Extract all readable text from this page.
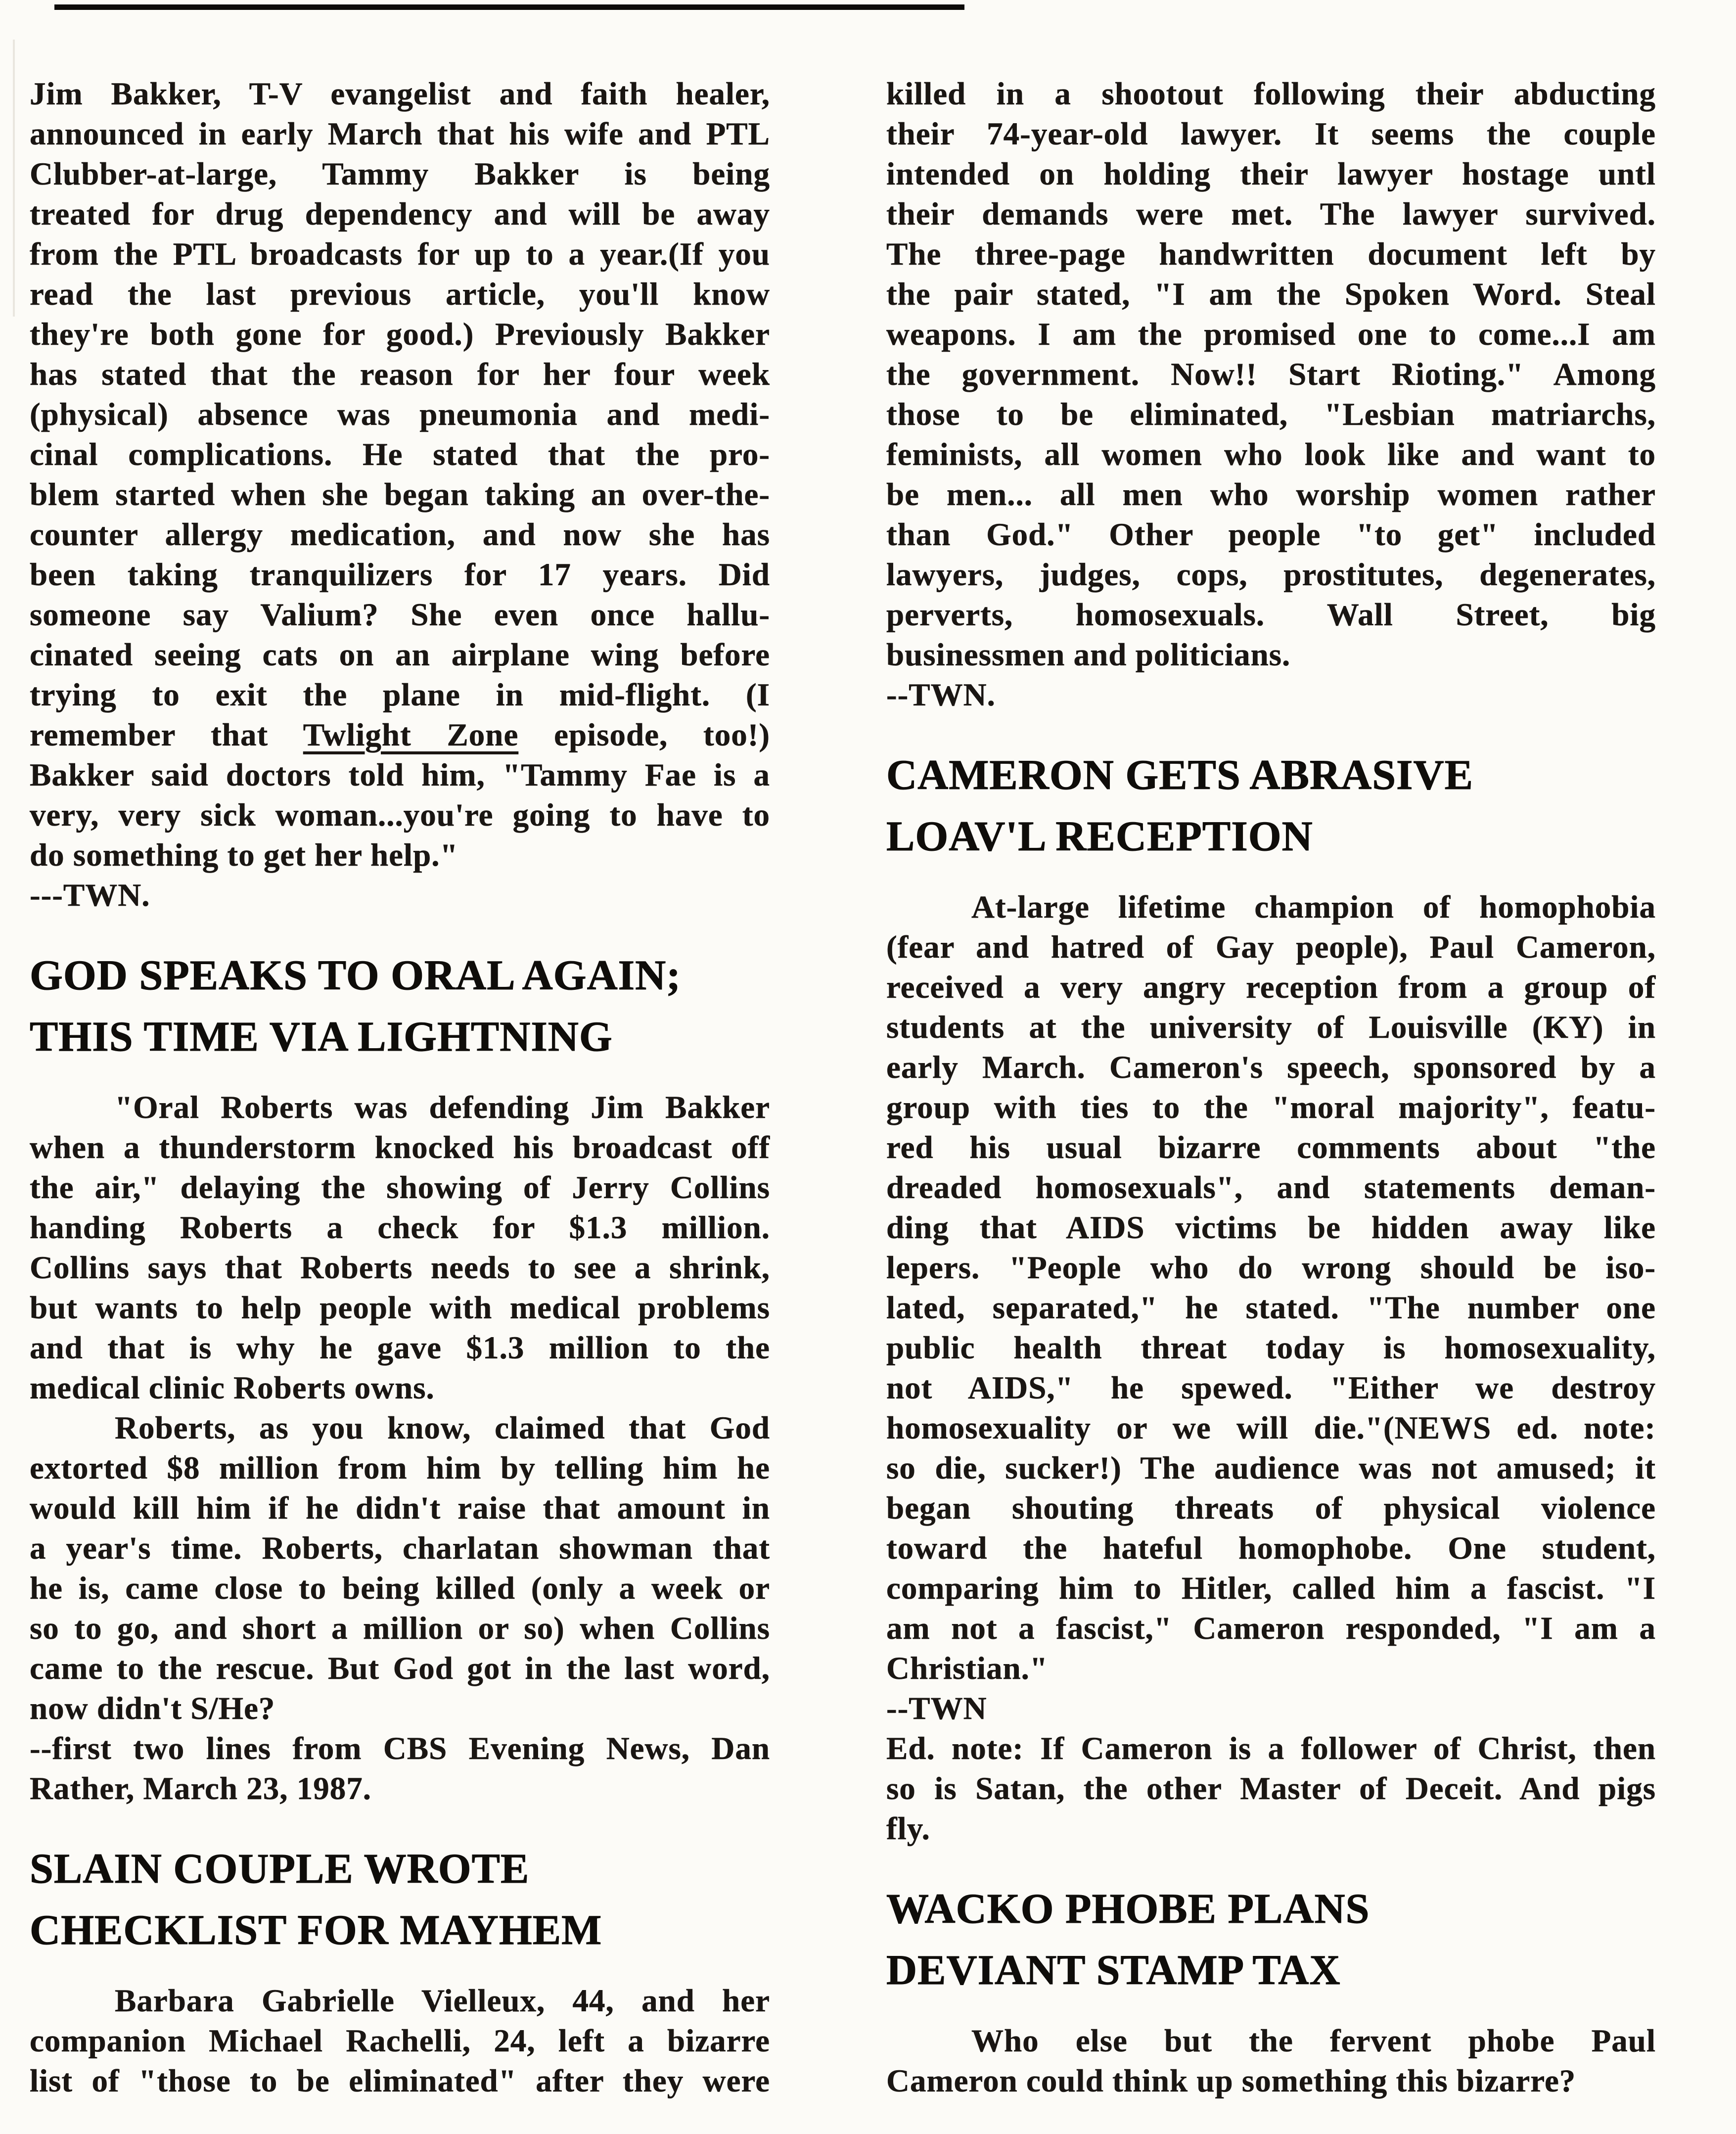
Jim Bakker, T-V evangelist and faith healer,
announced in early March that his wife and PTL
Clubber-at-large, Tammy Bakker is being
treated for drug dependency and will be away
from the PTL broadcasts for up to a year.(If you
read the last previous article, you'll know
they're both gone for good.) Previously Bakker
has stated that the reason for her four week
(physical) absence was pneumonia and medi-
cinal complications. He stated that the pro-
blem started when she began taking an over-the-
counter allergy medication, and now she has
been taking tranquilizers for 17 years. Did
someone say Valium? She even once hallu-
cinated seeing cats on an airplane wing before
trying to exit the plane in mid-flight. (I
remember that Twlight Zone episode, too!)
Bakker said doctors told him, "Tammy Fae is a
very, very sick woman...you're going to have to
do something to get her help."
---TWN.
GOD SPEAKS TO ORAL AGAIN;
THIS TIME VIA LIGHTNING
"Oral Roberts was defending Jim Bakker
when a thunderstorm knocked his broadcast off
the air," delaying the showing of Jerry Collins
handing Roberts a check for $1.3 million.
Collins says that Roberts needs to see a shrink,
but wants to help people with medical problems
and that is why he gave $1.3 million to the
medical clinic Roberts owns.
Roberts, as you know, claimed that God
extorted $8 million from him by telling him he
would kill him if he didn't raise that amount in
a year's time. Roberts, charlatan showman that
he is, came close to being killed (only a week or
so to go, and short a million or so) when Collins
came to the rescue. But God got in the last word,
now didn't S/He?
--first two lines from CBS Evening News, Dan
Rather, March 23, 1987.
SLAIN COUPLE WROTE
CHECKLIST FOR MAYHEM
Barbara Gabrielle Vielleux, 44, and her
companion Michael Rachelli, 24, left a bizarre
list of "those to be eliminated" after they were
killed in a shootout following their abducting
their 74-year-old lawyer. It seems the couple
intended on holding their lawyer hostage untl
their demands were met. The lawyer survived.
The three-page handwritten document left by
the pair stated, "I am the Spoken Word. Steal
weapons. I am the promised one to come...I am
the government. Now!! Start Rioting." Among
those to be eliminated, "Lesbian matriarchs,
feminists, all women who look like and want to
be men... all men who worship women rather
than God." Other people "to get" included
lawyers, judges, cops, prostitutes, degenerates,
perverts, homosexuals. Wall Street, big
businessmen and politicians.
--TWN.
CAMERON GETS ABRASIVE
LOAV'L RECEPTION
At-large lifetime champion of homophobia
(fear and hatred of Gay people), Paul Cameron,
received a very angry reception from a group of
students at the university of Louisville (KY) in
early March. Cameron's speech, sponsored by a
group with ties to the "moral majority", featu-
red his usual bizarre comments about "the
dreaded homosexuals", and statements deman-
ding that AIDS victims be hidden away like
lepers. "People who do wrong should be iso-
lated, separated," he stated. "The number one
public health threat today is homosexuality,
not AIDS," he spewed. "Either we destroy
homosexuality or we will die."(NEWS ed. note:
so die, sucker!) The audience was not amused; it
began shouting threats of physical violence
toward the hateful homophobe. One student,
comparing him to Hitler, called him a fascist. "I
am not a fascist," Cameron responded, "I am a
Christian."
--TWN
Ed. note: If Cameron is a follower of Christ, then
so is Satan, the other Master of Deceit. And pigs
fly.
WACKO PHOBE PLANS
DEVIANT STAMP TAX
Who else but the fervent phobe Paul
Cameron could think up something this bizarre?
